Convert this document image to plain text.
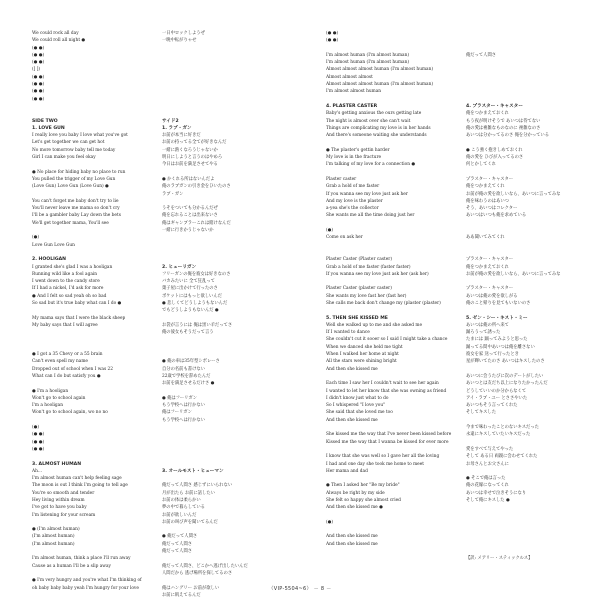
We could rock all day
We could roll all night ●
(● ●)
(● ●)
(● ●)
([ ])
(● ●)
(● ●)
(● ●)
(● ●)
SIDE TWO
1. LOVE GUN
I really love you baby I love what you've got
Let's get together we can get hot
No more tomorrow baby tell me today
Girl I can make you feel okay
● No place for hiding baby no place to run
You pulled the trigger of my Love Gun
(Love Gun) Love Gun (Love Gun) ●
You can't forget me baby don't try to lie
You'll never leave me mama so don't cry
I'll be a gambler baby Lay down the bets
We'll get together mama, You'll see
(●)
Love Gun Love Gun
2. HOOLIGAN
I granted she's glad I was a hooligan
Running wild like a fool again
I went down to the candy store
If I had a nickel, I'd ask for more
● And I felt so sad yeah oh so bad
So sad but it's true baby what can I do ●
My mama says that I were the black sheep
My baby says that I will agree
● I got a 35 Chevy or a 55 brain
Can't even spell my name
Dropped out of school when I was 22
What can I do but satisfy you ●
● I'm a hooligan
Won't go to school again
I'm a hooligan
Won't go to school again, wo no no
(●)
(● ●)
(● ●)
(● ●)
3. ALMOST HUMAN
Ah...
I'm almost human can't help feeling sage
The moon is out I think I'm going to tell age
You're so smooth and tender
Hey living within dream
I've got to have you baby
I'm listening for your scream
● (I'm almost human)
(I'm almost human)
(I'm almost human)
I'm almost human, think a place I'll run away
Cause as a human I'll be a slip away
● I'm very hungry and you're what I'm thinking of
oh baby baby baby yeah I'm hungry for your love
一日中ロックしようぜ
一晩中転がりゃせ
サイド2
1. ラブ・ガン
お前が本当に好きだ
お前の持ってる全てが好きなんだ
一緒に熱くなろうじゃないか
明日にしようと言うのはやめろ
今日はお前を満足させてやる
● かくれる所はないんだよ
俺のラブガンの引き金をひいたのさ
ラブ・ガン
うそをついても分かるんだぜ
俺を忘れることは出来ないさ
俺はギャンブラーこれは賭けなんだ
一緒に行きかうじゃないか
2. ヒューリガン
フリーガンの俺を彼女は好きなのさ
バカみたいに 全て狂乱って
菓子屋に出かけて行ったのさ
ポケットにはもっと欲しいんだ
● 悲しくてどうしようもないんだ
でもどうしようもないんだ ●
お袋が言うには 俺は黒い羊だってさ
俺の彼女もそうだって言う
● 俺の車は35年型シボレーさ
自分の名前も書けない
22歳で学校を辞めたんだ
お前を満足させるだけさ ●
● 俺はフーリガン
もう学校へは行かない
俺はフーリガン
もう学校へは行かない
3. オールモスト・ヒューマン
俺だって人間さ 感じずにいられない
月が出たら お前に話したい
お前の体は柔らかい
夢の中で暮らしている
お前が欲しいんだ
お前の叫び声を聞いてるんだ
● 俺だって人間さ
俺だって人間さ
俺だって人間さ
俺だって人間さ、どこかへ逃げ出したいんだ
人間だから 逃げ場所を探してるのさ
俺はハングリー お前が欲しい
お前に飢えてるんだ
(● ●)
(● ●)
I'm almost human (I'm almost human)
I'm almost human (I'm almost human)
Almost almost almost human (I'm almost human)
Almost almost almost
Almost almost almost human (I'm almost human)
I'm almost almost human
4. PLASTER CASTER
Baby's getting anxious the ours getting late
The night is almost over she can't wait
Things are complicating my love is in her hands
And there's someone waiting she understands
● The plaster's gettin harder
My love is in the fracture
I'm talking of my love for a connection ●
Plaster caster
Grab a hold of me faster
If you wanna see my love just ask her
And my love is the plaster
a-yea she's the collector
She wants me all the time doing just her
(●)
Come on ask her
Plaster Caster (Plaster caster)
Grab a hold of me faster (faster faster)
If you wanna see my love just ask her (ask her)
Plaster Caster (plaster caster)
She wants my love fast her (fast her)
She calls me back don't change my (plaster (plaster)
5. THEN SHE KISSED ME
Well she walked up to me and she asked me
If I wanted to dance
She couldn't cut it sooer so I said I might take a chance
When we danced she held me tight
When I walked her home at night
All the stars were shining bright
And then she kissed me
Each time I saw her I couldn't wait to see her again
I wanted to let her know that she was owning as friend
I didn't know just what to do
So I whispered "I love you"
She said that she loved me too
And then she kissed me
She kissed me the way that I've never been kissed before
Kissed me the way that I wanna be kissed for ever more
I know that she was well so I gave her all the loving
I had and one day she took me home to meet
Her mama and dad
● Then I asked her "Be my bride"
Always be right by my side
She felt so happy she almost cried
And then she kissed me ●
(●)
And then she kissed me
And then she kissed me
俺だって人間さ
4. プラスター・キャスター
俺をつかまえておくれ
もう夜が明けそうで あいつは待てない
俺の愛は複雑なものなのに 複雑なのさ
あいつは分かってるのさ 俺を分かっている
● こう強く抱きしめておくれ
俺の愛を ひびが入ってるのさ
何とかしてくれ
プラスター・キャスター
俺をつかまえてくれ
お前が俺の愛を欲しいなら、あいつに言ってみな
俺を味わうのはあいつ
そう、あいつはコレクター
あいつはいつも俺を求めている
ああ聞いてみてくれ
プラスター・キャスター
俺をつかまえておくれ
お前が俺の愛を欲しいなら、あいつに言ってみな
プラスター・キャスター
あいつは俺の愛を欲しがる
俺のこと帰りを見てもいないのさ
5. ゼン・シー・キスト・ミー
あいつは俺の所へ来て
踊ろうって誘った
たまには 踊ってみようと思った
踊ってる間中あいつは俺を離さない
彼女を家 送って行ったとき
星が輝いてたのさ あいつはキスしたのさ
あいつに会うたびに次のデートがしたい
あいつとは友だち以上になりたかったんだ
どうしていいのか分からなくて
アイ・ラブ・ユー とささやいた
あいつもそう言ってくれた
そしてキスした
今まで味わったことのないキスだった
永遠にキスしていたいキスだった
愛をすべて与えてやった
そして ある日 両親に会わせてくれた
お母さんとお父さんに
● そこで俺は言った
俺の花嫁になってくれ
あいつは幸せで泣きそうになり
そして俺にキスした ●
【訳: メアリー・スティックルス】
（VIP-5504~6） － 8 －
